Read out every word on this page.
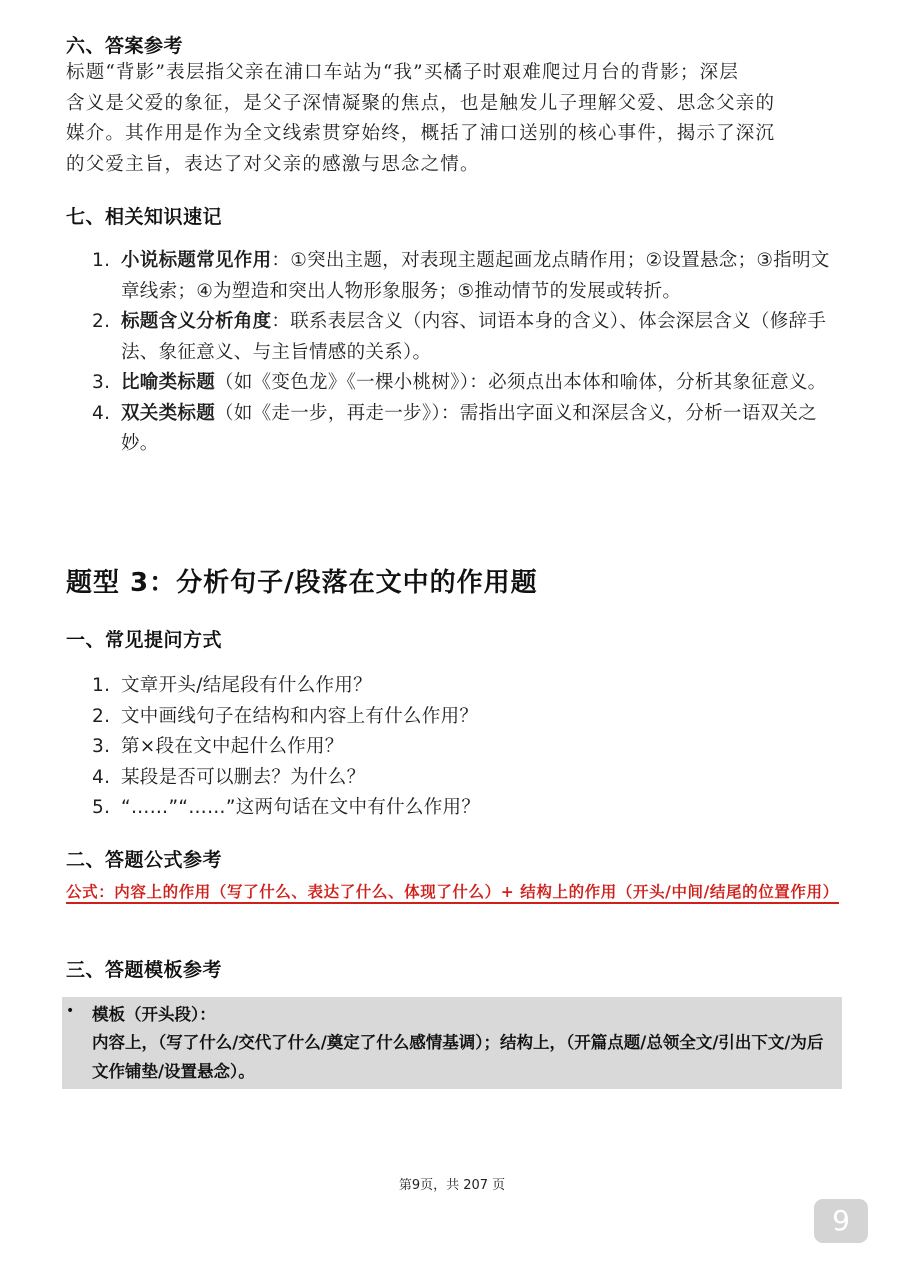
六、答案参考
标题“背影”表层指父亲在浦口车站为“我”买橘子时艰难爬过月台的背影；深层
含义是父爱的象征，是父子深情凝聚的焦点，也是触发儿子理解父爱、思念父亲的
媒介。其作用是作为全文线索贯穿始终，概括了浦口送别的核心事件，揭示了深沉
的父爱主旨，表达了对父亲的感激与思念之情。
七、相关知识速记
1. 小说标题常见作用：①突出主题，对表现主题起画龙点睛作用；②设置悬念；③指明文章线索；④为塑造和突出人物形象服务；⑤推动情节的发展或转折。
2. 标题含义分析角度：联系表层含义（内容、词语本身的含义）、体会深层含义（修辞手法、象征意义、与主旨情感的关系）。
3. 比喻类标题（如《变色龙》《一棵小桃树》）：必须点出本体和喻体，分析其象征意义。
4. 双关类标题（如《走一步，再走一步》）：需指出字面义和深层含义，分析一语双关之妙。
题型 3：分析句子/段落在文中的作用题
一、常见提问方式
1. 文章开头/结尾段有什么作用？
2. 文中画线句子在结构和内容上有什么作用？
3. 第×段在文中起什么作用？
4. 某段是否可以删去？为什么？
5. “……”“……”这两句话在文中有什么作用？
二、答题公式参考
公式：内容上的作用（写了什么、表达了什么、体现了什么）+ 结构上的作用（开头/中间/结尾的位置作用）
三、答题模板参考
• 模板（开头段）：
内容上，（写了什么/交代了什么/奠定了什么感情基调）；结构上，（开篇点题/总领全文/引出下文/为后文作铺垫/设置悬念）。
第9页，共 207 页
9
